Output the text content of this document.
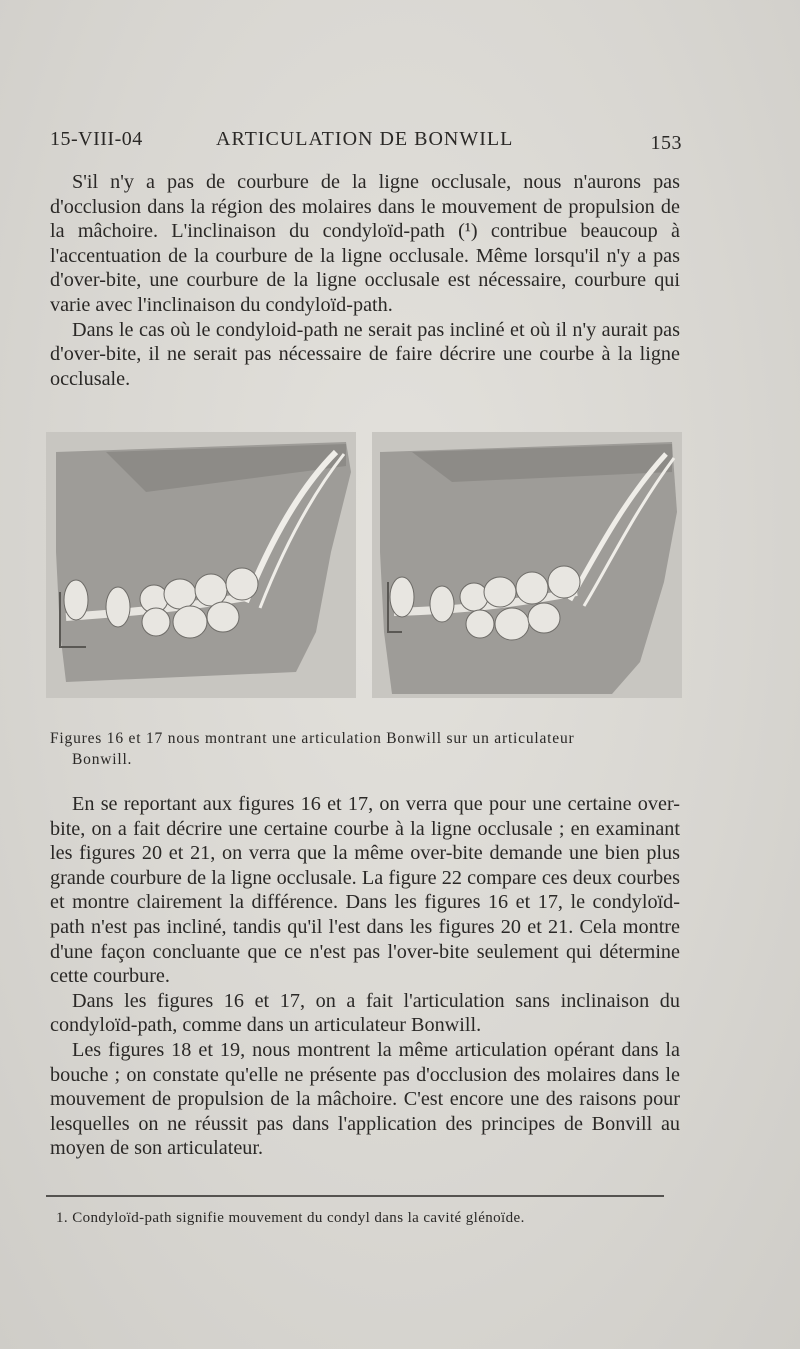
15-VIII-04	ARTICULATION DE BONWILL	153

S'il n'y a pas de courbure de la ligne occlusale, nous n'aurons pas d'occlusion dans la région des molaires dans le mouvement de propulsion de la mâchoire. L'inclinaison du condyloïd-path (¹) contribue beaucoup à l'accentuation de la courbure de la ligne occlusale. Même lorsqu'il n'y a pas d'over-bite, une courbure de la ligne occlusale est nécessaire, courbure qui varie avec l'inclinaison du condyloïd-path.

Dans le cas où le condyloid-path ne serait pas incliné et où il n'y aurait pas d'over-bite, il ne serait pas nécessaire de faire décrire une courbe à la ligne occlusale.

Figures 16 et 17 nous montrant une articulation Bonwill sur un articulateur
Bonwill.

En se reportant aux figures 16 et 17, on verra que pour une certaine over-bite, on a fait décrire une certaine courbe à la ligne occlusale ; en examinant les figures 20 et 21, on verra que la même over-bite demande une bien plus grande courbure de la ligne occlusale. La figure 22 compare ces deux courbes et montre clairement la différence. Dans les figures 16 et 17, le condyloïd-path n'est pas incliné, tandis qu'il l'est dans les figures 20 et 21. Cela montre d'une façon concluante que ce n'est pas l'over-bite seulement qui détermine cette courbure.

Dans les figures 16 et 17, on a fait l'articulation sans inclinaison du condyloïd-path, comme dans un articulateur Bonwill.

Les figures 18 et 19, nous montrent la même articulation opérant dans la bouche ; on constate qu'elle ne présente pas d'occlusion des molaires dans le mouvement de propulsion de la mâchoire. C'est encore une des raisons pour lesquelles on ne réussit pas dans l'application des principes de Bonvill au moyen de son articulateur.

1. Condyloïd-path signifie mouvement du condyl dans la cavité glénoïde.
